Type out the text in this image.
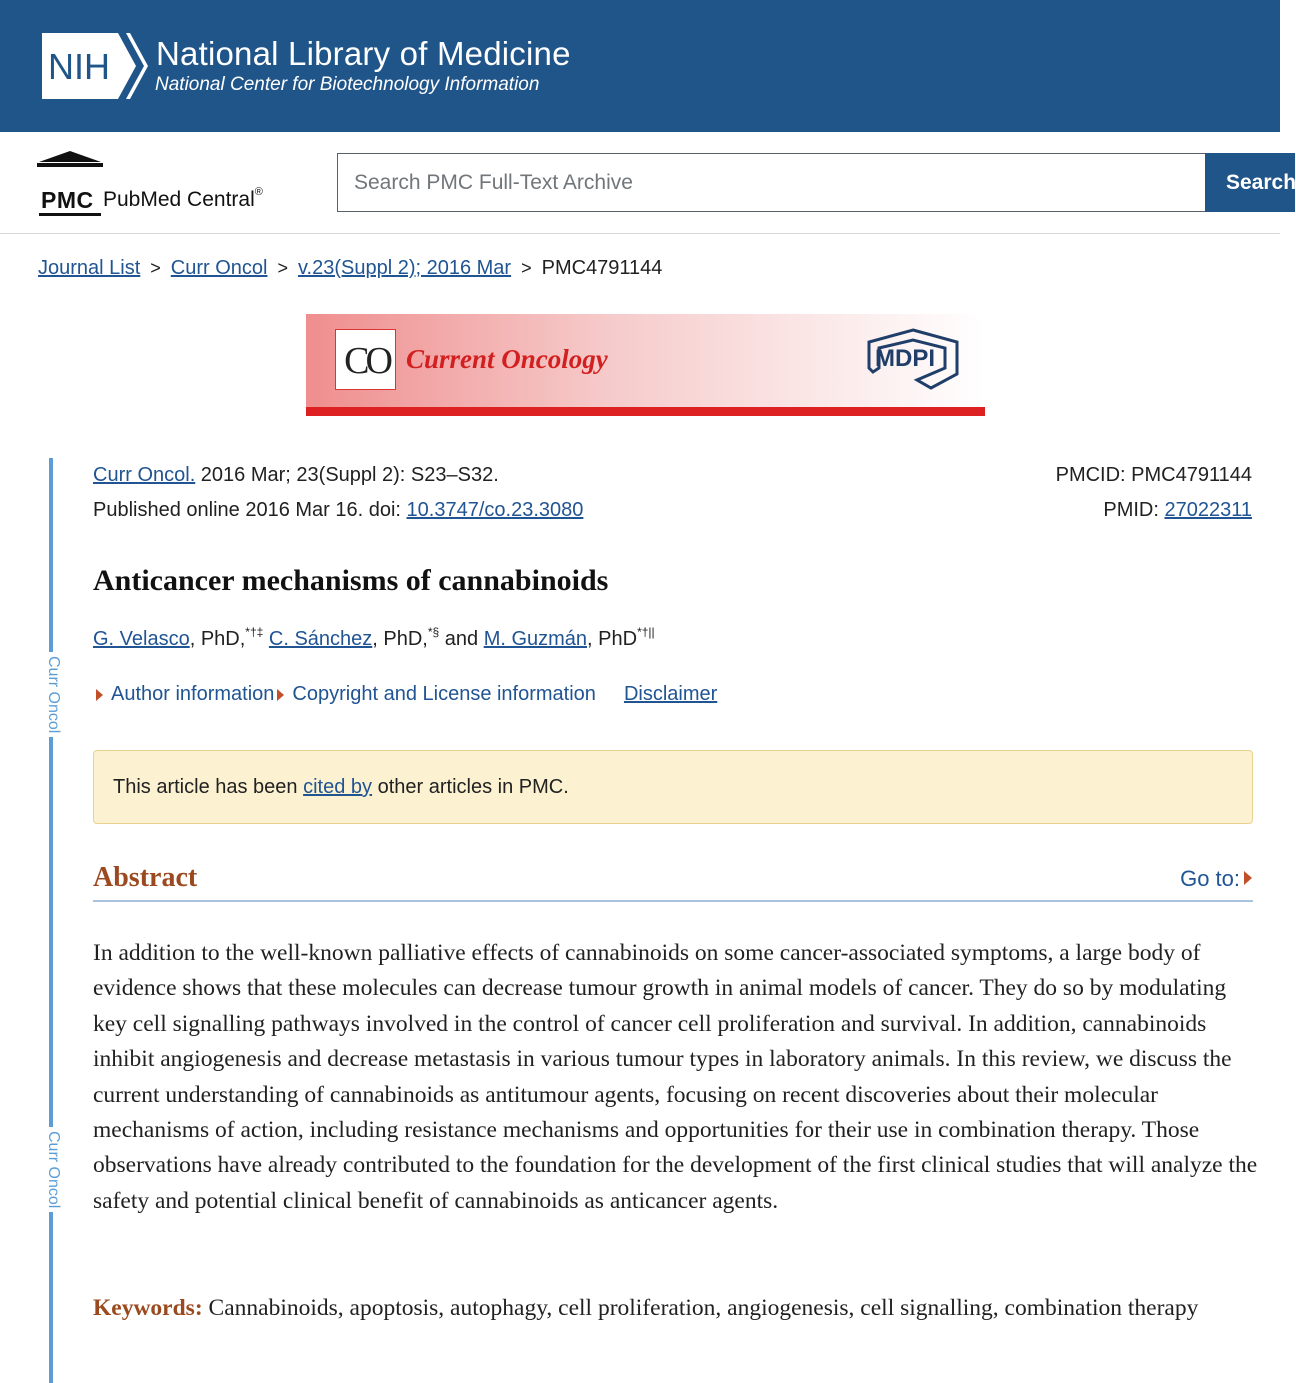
NIH National Library of Medicine
National Center for Biotechnology Information
PMC PubMed Central®
Search PMC Full-Text Archive	Search
Journal List > Curr Oncol > v.23(Suppl 2); 2016 Mar > PMC4791144
CO Current Oncology	MDPI
Curr Oncol
Curr Oncol
Curr Oncol. 2016 Mar; 23(Suppl 2): S23–S32.
Published online 2016 Mar 16. doi: 10.3747/co.23.3080
PMCID: PMC4791144
PMID: 27022311
Anticancer mechanisms of cannabinoids
G. Velasco, PhD,*†‡ C. Sánchez, PhD,*§ and M. Guzmán, PhD*†||
Author information Copyright and License information Disclaimer
This article has been cited by other articles in PMC.
Abstract	Go to:

In addition to the well-known palliative effects of cannabinoids on some cancer-associated symptoms, a large body of evidence shows that these molecules can decrease tumour growth in animal models of cancer. They do so by modulating key cell signalling pathways involved in the control of cancer cell proliferation and survival. In addition, cannabinoids inhibit angiogenesis and decrease metastasis in various tumour types in laboratory animals. In this review, we discuss the current understanding of cannabinoids as antitumour agents, focusing on recent discoveries about their molecular mechanisms of action, including resistance mechanisms and opportunities for their use in combination therapy. Those observations have already contributed to the foundation for the development of the first clinical studies that will analyze the safety and potential clinical benefit of cannabinoids as anticancer agents.

Keywords: Cannabinoids, apoptosis, autophagy, cell proliferation, angiogenesis, cell signalling, combination therapy
